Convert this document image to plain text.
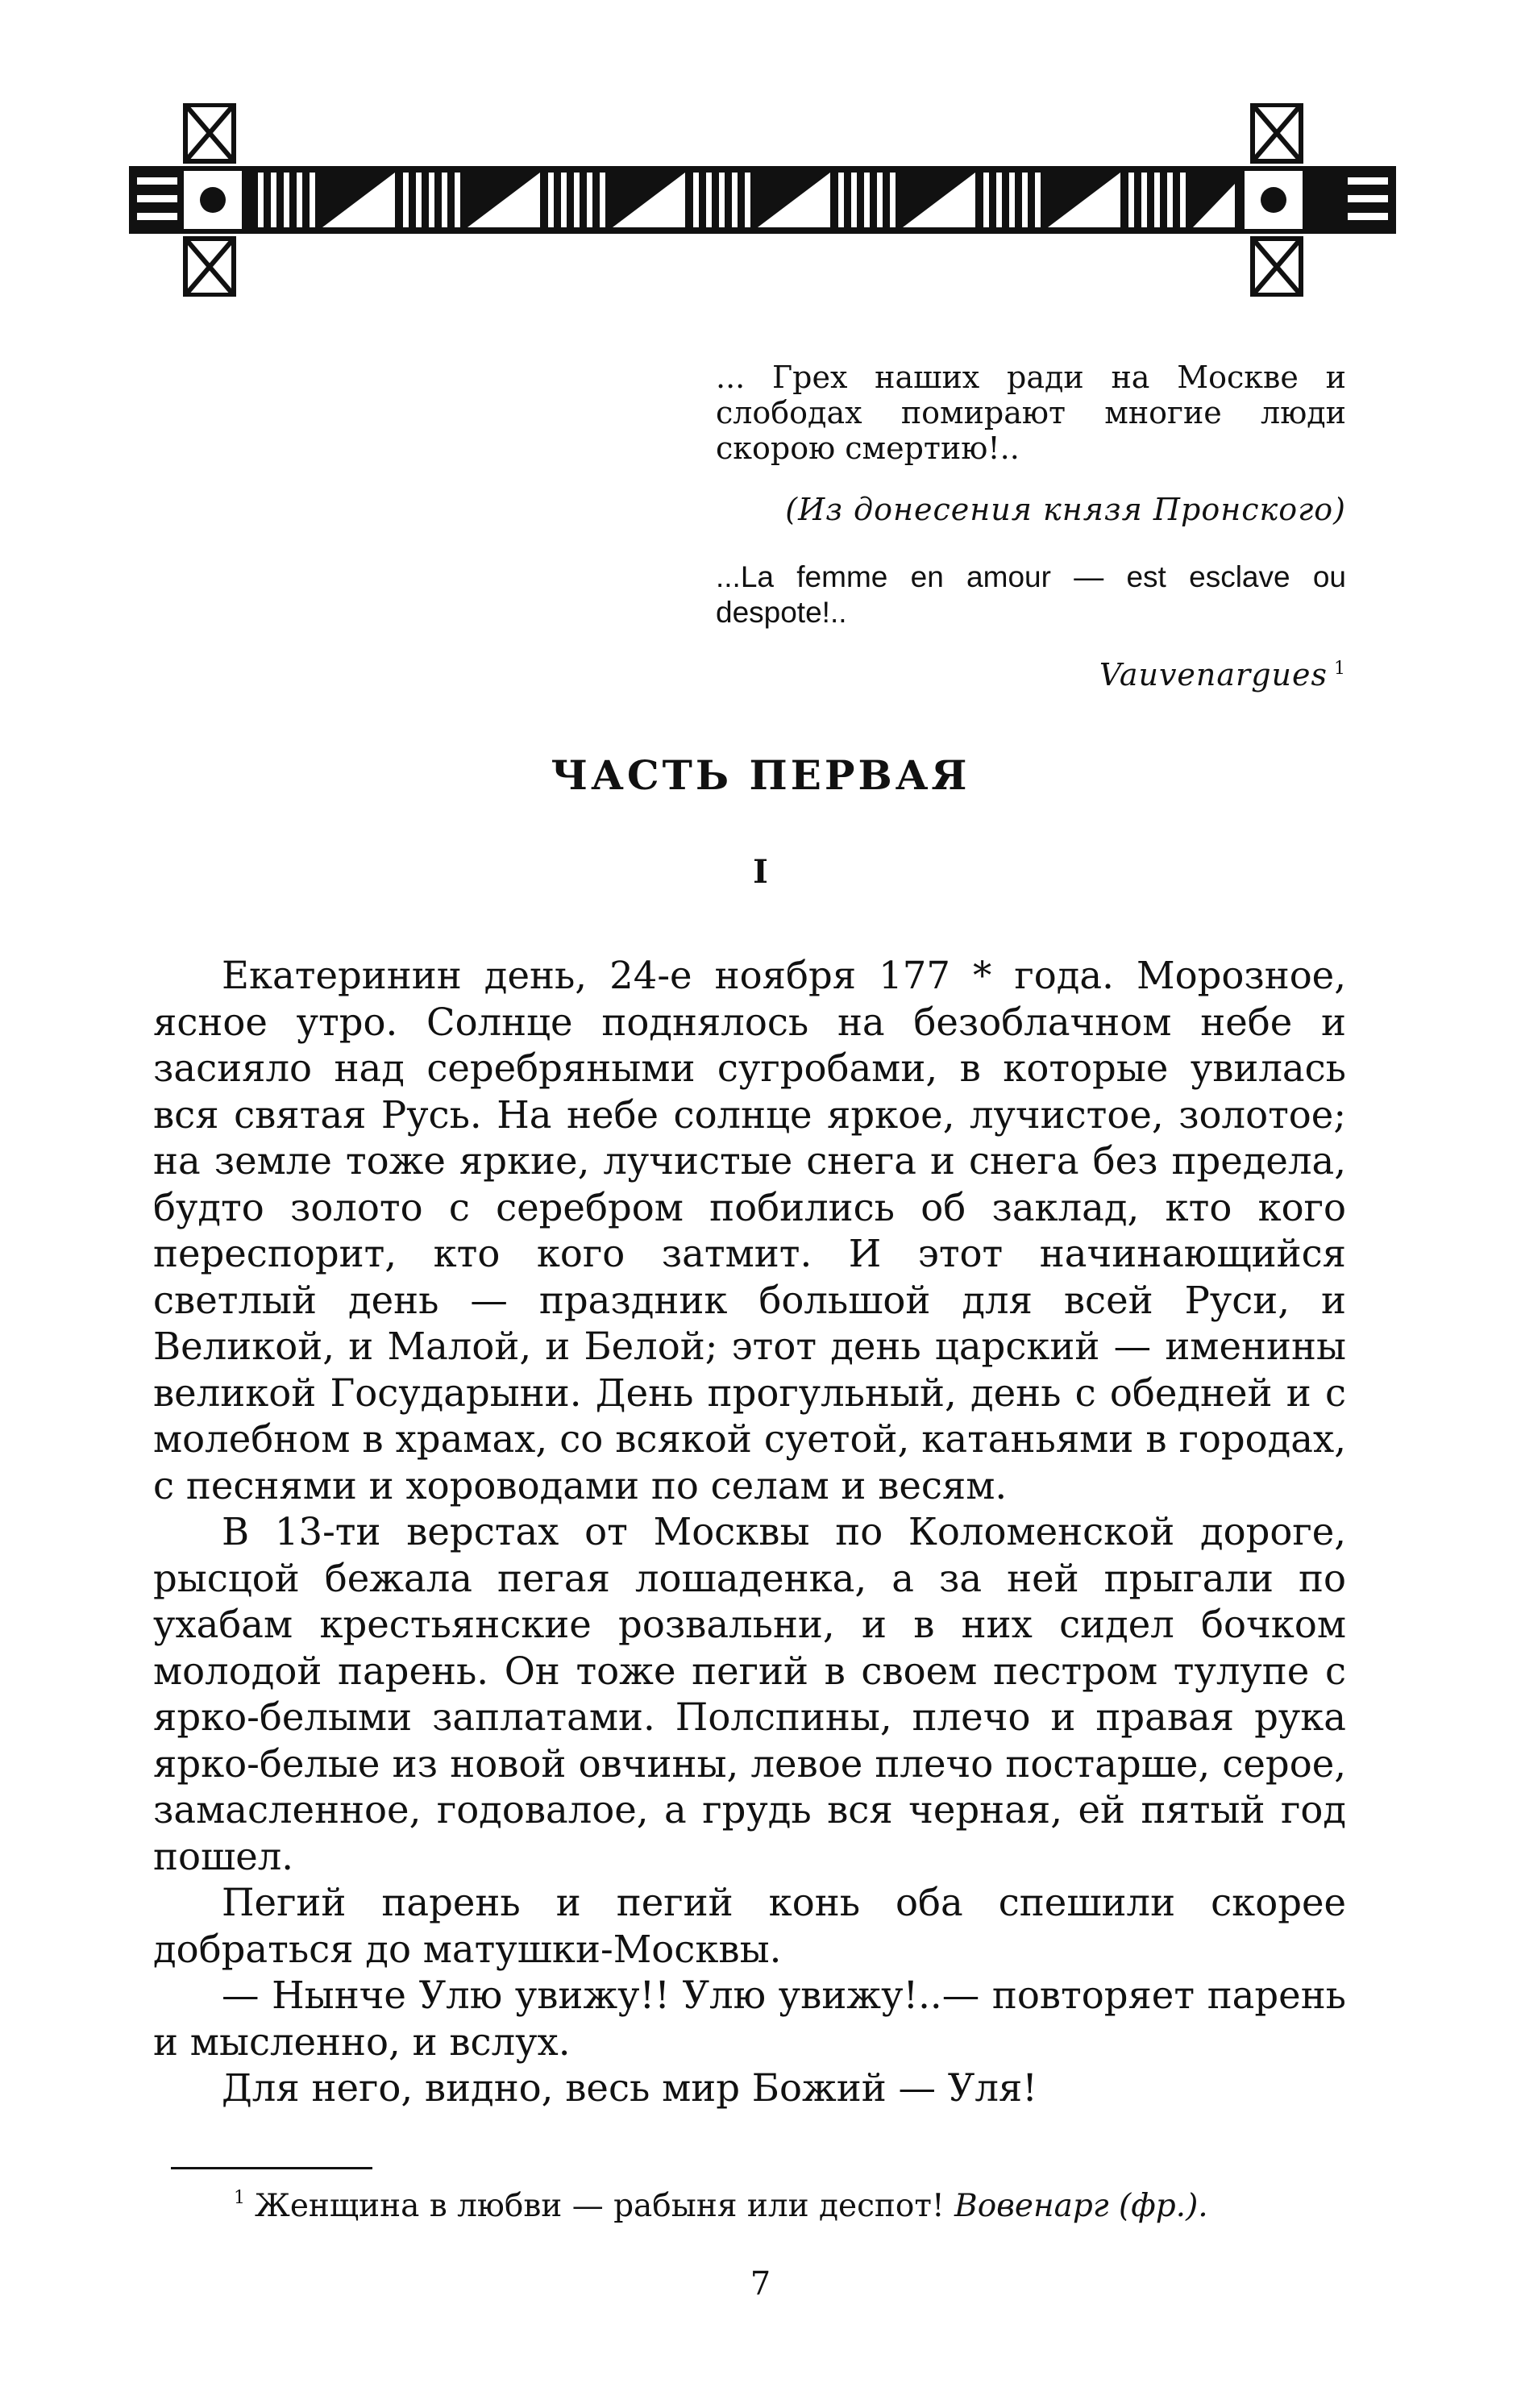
... Грех наших ради на Москве и слободах помирают многие люди скорою смертию!..
(Из донесения князя Пронского)
...La femme en amour — est esclave ou despote!..
Vauvenargues $^1$
ЧАСТЬ ПЕРВАЯ
I

Екатеринин день, 24-е ноября 177 * года. Морозное, ясное утро. Солнце поднялось на безоблачном небе и засияло над серебряными сугробами, в которые увилась вся святая Русь. На небе солнце яркое, лучистое, золотое; на земле тоже яркие, лучистые снега и снега без предела, будто золото с серебром побились об заклад, кто кого переспорит, кто кого затмит. И этот начинающийся светлый день — праздник большой для всей Руси, и Великой, и Малой, и Белой; этот день царский — именины великой Государыни. День прогульный, день с обедней и с молебном в храмах, со всякой суетой, катаньями в городах, с песнями и хороводами по селам и весям.

В 13-ти верстах от Москвы по Коломенской дороге, рысцой бежала пегая лошаденка, а за ней прыгали по ухабам крестьянские розвальни, и в них сидел бочком молодой парень. Он тоже пегий в своем пестром тулупе с ярко-белыми заплатами. Полспины, плечо и правая рука ярко-белые из новой овчины, левое плечо постарше, серое, замасленное, годовалое, а грудь вся черная, ей пятый год пошел.

Пегий парень и пегий конь оба спешили скорее добраться до матушки-Москвы.

— Нынче Улю увижу!! Улю увижу!..— повторяет парень и мысленно, и вслух.

Для него, видно, весь мир Божий — Уля!

$^1$ Женщина в любви — рабыня или деспот! Вовенарг (фр.).
7
